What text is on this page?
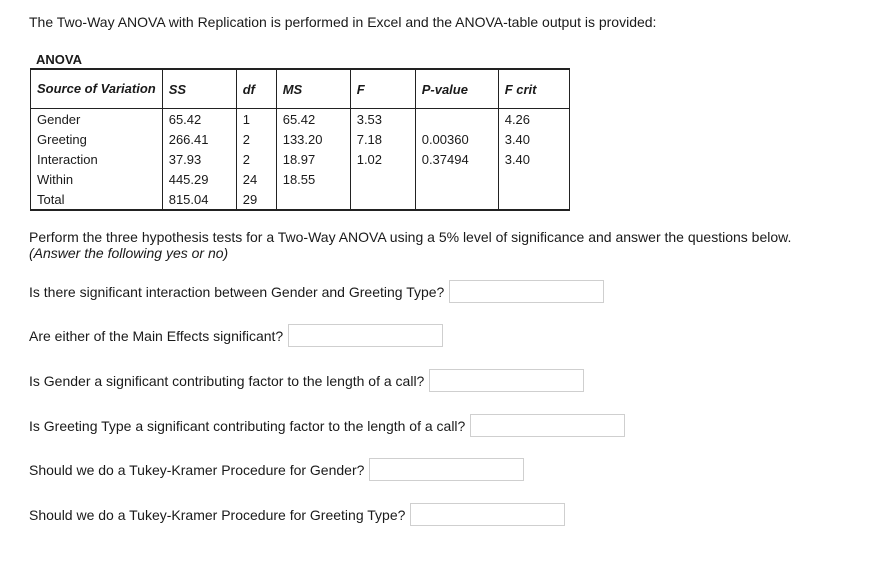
The Two-Way ANOVA with Replication is performed in Excel and the ANOVA-table output is provided:
ANOVA
Source of Variation	SS	df	MS	F	P-value	F crit
Gender	65.42	1	65.42	3.53		4.26
Greeting	266.41	2	133.20	7.18	0.00360	3.40
Interaction	37.93	2	18.97	1.02	0.37494	3.40
Within	445.29	24	18.55			
Total	815.04	29				
Perform the three hypothesis tests for a Two-Way ANOVA using a 5% level of significance and answer the questions below.
(Answer the following yes or no)
Is there significant interaction between Gender and Greeting Type?
Are either of the Main Effects significant?
Is Gender a significant contributing factor to the length of a call?
Is Greeting Type a significant contributing factor to the length of a call?
Should we do a Tukey-Kramer Procedure for Gender?
Should we do a Tukey-Kramer Procedure for Greeting Type?
